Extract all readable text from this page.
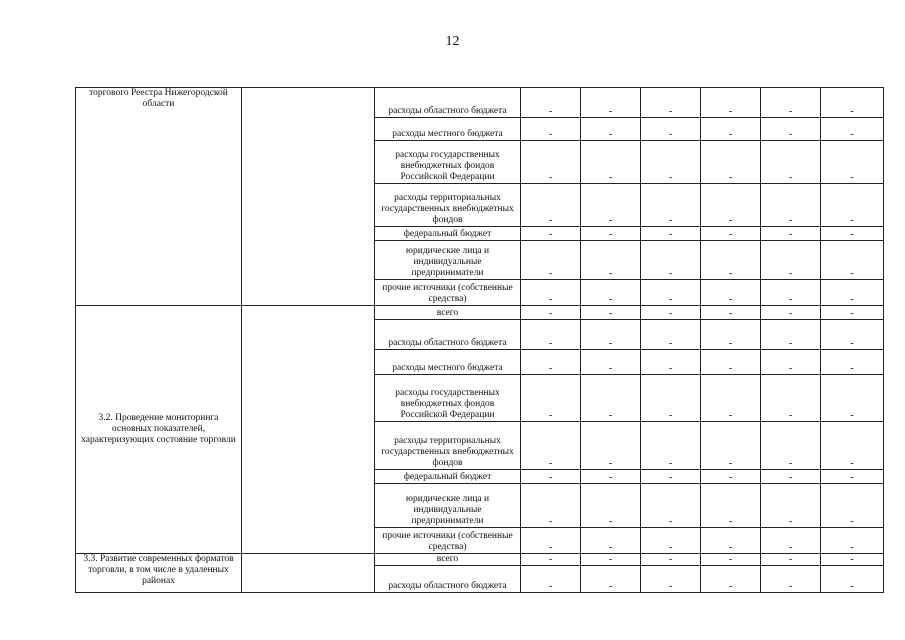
12
торгового Реестра Нижегородской области		расходы областного бюджета	-	-	-	-	-	-
		расходы местного бюджета	-	-	-	-	-	-
		расходы государственных внебюджетных фондов Российской Федерации	-	-	-	-	-	-
		расходы территориальных государственных внебюджетных фондов	-	-	-	-	-	-
		федеральный бюджет	-	-	-	-	-	-
		юридические лица и индивидуальные предприниматели	-	-	-	-	-	-
		прочие источники (собственные средства)	-	-	-	-	-	-
3.2. Проведение мониторинга основных показателей, характеризующих состояние торговли		всего	-	-	-	-	-	-
		расходы областного бюджета	-	-	-	-	-	-
		расходы местного бюджета	-	-	-	-	-	-
		расходы государственных внебюджетных фондов Российской Федерации	-	-	-	-	-	-
		расходы территориальных государственных внебюджетных фондов	-	-	-	-	-	-
		федеральный бюджет	-	-	-	-	-	-
		юридические лица и индивидуальные предприниматели	-	-	-	-	-	-
		прочие источники (собственные средства)	-	-	-	-	-	-
3.3. Развитие современных форматов торговли, в том числе в удаленных районах		всего	-	-	-	-	-	-
		расходы областного бюджета	-	-	-	-	-	-
